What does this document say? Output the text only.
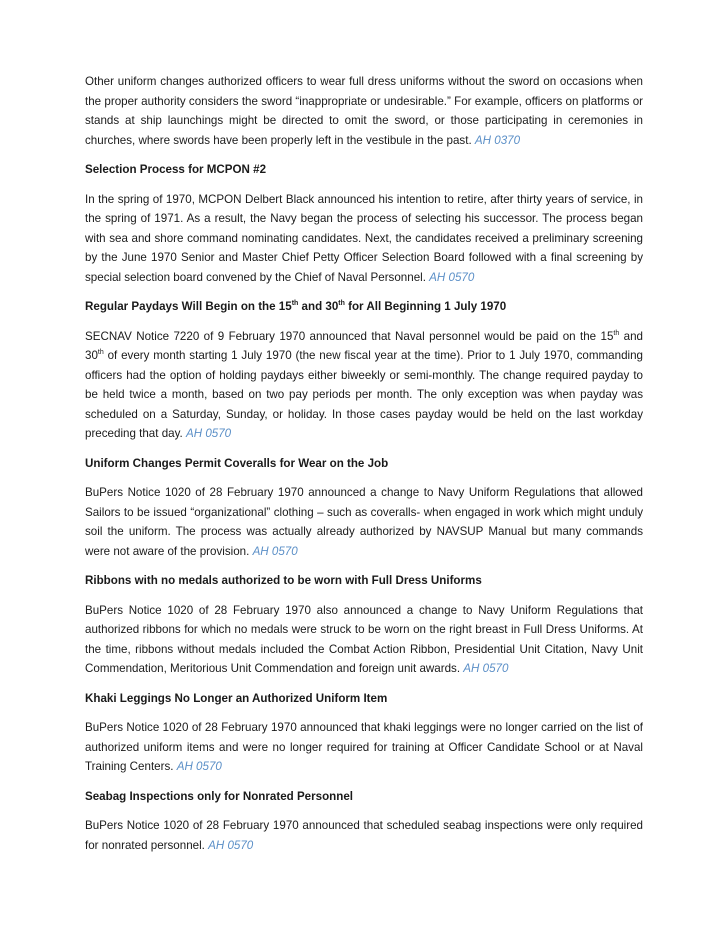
Other uniform changes authorized officers to wear full dress uniforms without the sword on occasions when the proper authority considers the sword “inappropriate or undesirable.” For example, officers on platforms or stands at ship launchings might be directed to omit the sword, or those participating in ceremonies in churches, where swords have been properly left in the vestibule in the past. AH 0370

Selection Process for MCPON #2

In the spring of 1970, MCPON Delbert Black announced his intention to retire, after thirty years of service, in the spring of 1971. As a result, the Navy began the process of selecting his successor. The process began with sea and shore command nominating candidates. Next, the candidates received a preliminary screening by the June 1970 Senior and Master Chief Petty Officer Selection Board followed with a final screening by special selection board convened by the Chief of Naval Personnel. AH 0570

Regular Paydays Will Begin on the 15th and 30th for All Beginning 1 July 1970

SECNAV Notice 7220 of 9 February 1970 announced that Naval personnel would be paid on the 15th and 30th of every month starting 1 July 1970 (the new fiscal year at the time). Prior to 1 July 1970, commanding officers had the option of holding paydays either biweekly or semi-monthly. The change required payday to be held twice a month, based on two pay periods per month. The only exception was when payday was scheduled on a Saturday, Sunday, or holiday. In those cases payday would be held on the last workday preceding that day. AH 0570

Uniform Changes Permit Coveralls for Wear on the Job

BuPers Notice 1020 of 28 February 1970 announced a change to Navy Uniform Regulations that allowed Sailors to be issued “organizational” clothing – such as coveralls- when engaged in work which might unduly soil the uniform. The process was actually already authorized by NAVSUP Manual but many commands were not aware of the provision. AH 0570

Ribbons with no medals authorized to be worn with Full Dress Uniforms

BuPers Notice 1020 of 28 February 1970 also announced a change to Navy Uniform Regulations that authorized ribbons for which no medals were struck to be worn on the right breast in Full Dress Uniforms. At the time, ribbons without medals included the Combat Action Ribbon, Presidential Unit Citation, Navy Unit Commendation, Meritorious Unit Commendation and foreign unit awards. AH 0570

Khaki Leggings No Longer an Authorized Uniform Item

BuPers Notice 1020 of 28 February 1970 announced that khaki leggings were no longer carried on the list of authorized uniform items and were no longer required for training at Officer Candidate School or at Naval Training Centers. AH 0570

Seabag Inspections only for Nonrated Personnel

BuPers Notice 1020 of 28 February 1970 announced that scheduled seabag inspections were only required for nonrated personnel. AH 0570
